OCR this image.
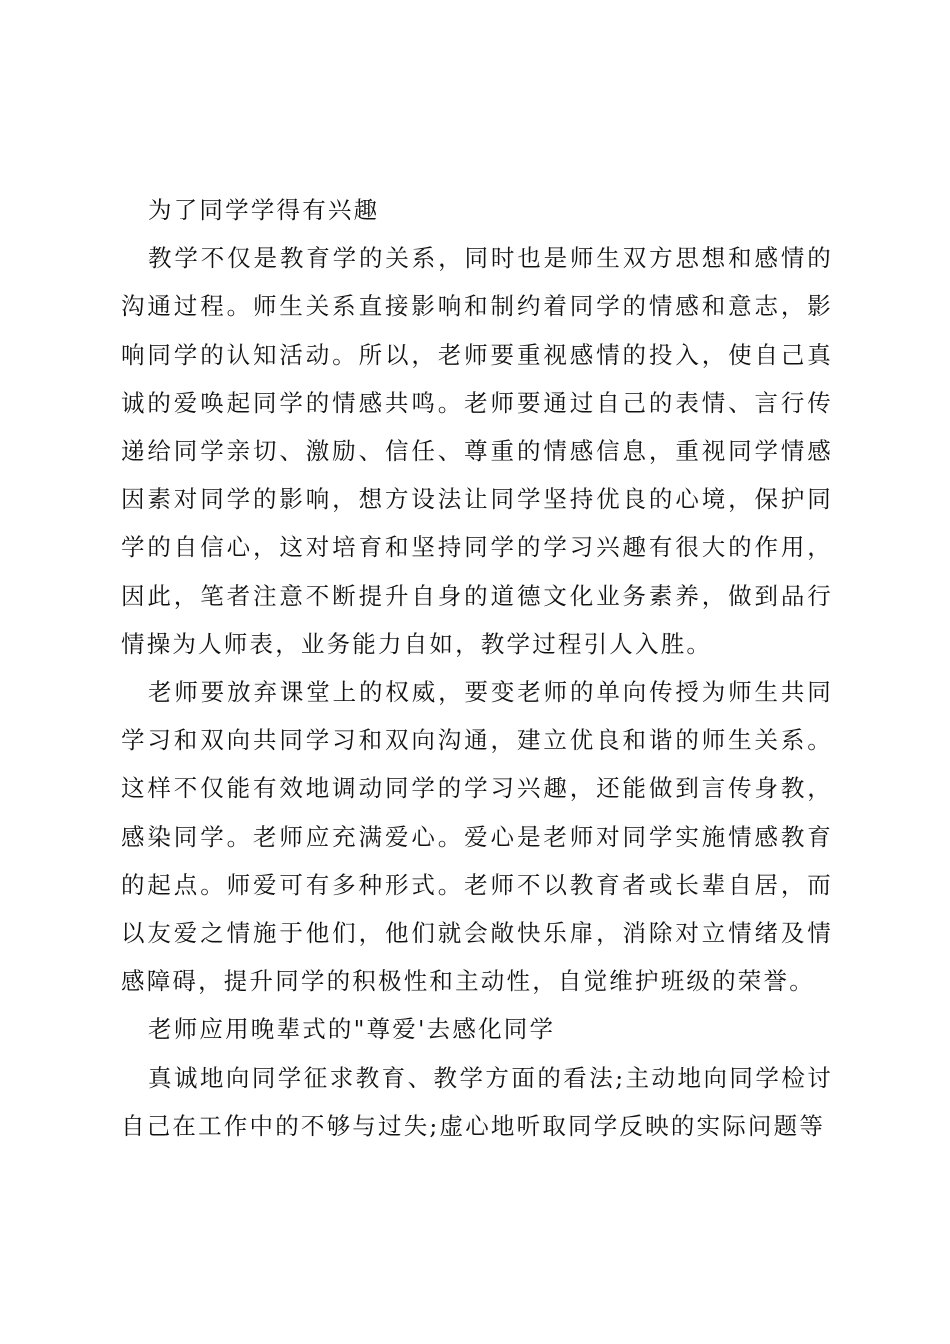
为了同学学得有兴趣

教学不仅是教育学的关系，同时也是师生双方思想和感情的沟通过程。师生关系直接影响和制约着同学的情感和意志，影响同学的认知活动。所以，老师要重视感情的投入，使自己真诚的爱唤起同学的情感共鸣。老师要通过自己的表情、言行传递给同学亲切、激励、信任、尊重的情感信息，重视同学情感因素对同学的影响，想方设法让同学坚持优良的心境，保护同学的自信心，这对培育和坚持同学的学习兴趣有很大的作用，因此，笔者注意不断提升自身的道德文化业务素养，做到品行情操为人师表，业务能力自如，教学过程引人入胜。

老师要放弃课堂上的权威，要变老师的单向传授为师生共同学习和双向共同学习和双向沟通，建立优良和谐的师生关系。这样不仅能有效地调动同学的学习兴趣，还能做到言传身教，感染同学。老师应充满爱心。爱心是老师对同学实施情感教育的起点。师爱可有多种形式。老师不以教育者或长辈自居，而以友爱之情施于他们，他们就会敞快乐扉，消除对立情绪及情感障碍，提升同学的积极性和主动性，自觉维护班级的荣誉。

老师应用晚辈式的"尊爱'去感化同学

真诚地向同学征求教育、教学方面的看法;主动地向同学检讨自己在工作中的不够与过失;虚心地听取同学反映的实际问题等
